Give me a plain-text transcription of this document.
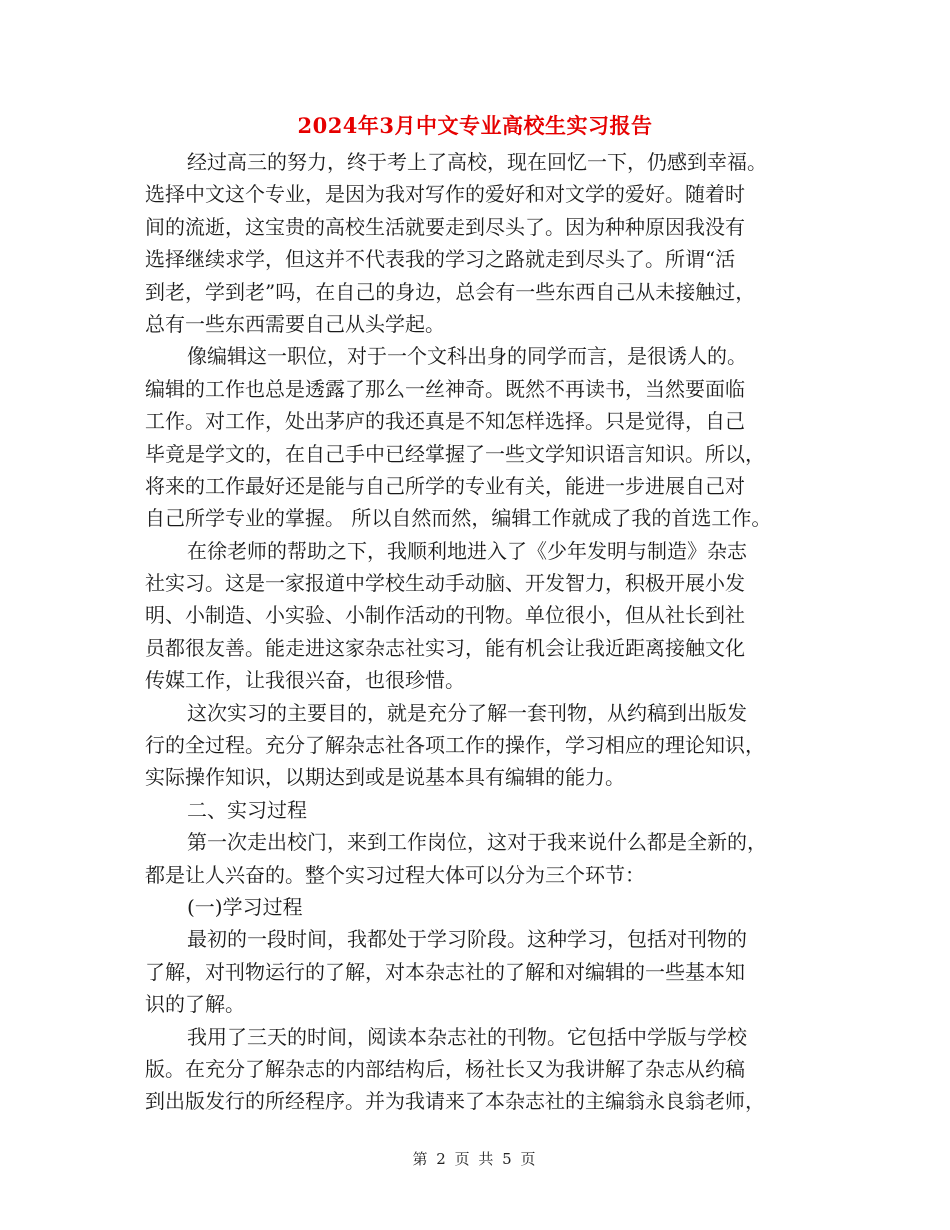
2024年3月中文专业高校生实习报告
经过高三的努力，终于考上了高校，现在回忆一下，仍感到幸福。
选择中文这个专业，是因为我对写作的爱好和对文学的爱好。随着时
间的流逝，这宝贵的高校生活就要走到尽头了。因为种种原因我没有
选择继续求学，但这并不代表我的学习之路就走到尽头了。所谓“活
到老，学到老”吗，在自己的身边，总会有一些东西自己从未接触过，
总有一些东西需要自己从头学起。
像编辑这一职位，对于一个文科出身的同学而言，是很诱人的。
编辑的工作也总是透露了那么一丝神奇。既然不再读书，当然要面临
工作。对工作，处出茅庐的我还真是不知怎样选择。只是觉得，自己
毕竟是学文的，在自己手中已经掌握了一些文学知识语言知识。所以，
将来的工作最好还是能与自己所学的专业有关，能进一步进展自己对
自己所学专业的掌握。 所以自然而然，编辑工作就成了我的首选工作。
在徐老师的帮助之下，我顺利地进入了《少年发明与制造》杂志
社实习。这是一家报道中学校生动手动脑、开发智力，积极开展小发
明、小制造、小实验、小制作活动的刊物。单位很小，但从社长到社
员都很友善。能走进这家杂志社实习，能有机会让我近距离接触文化
传媒工作，让我很兴奋，也很珍惜。
这次实习的主要目的，就是充分了解一套刊物，从约稿到出版发
行的全过程。充分了解杂志社各项工作的操作，学习相应的理论知识，
实际操作知识，以期达到或是说基本具有编辑的能力。
二、实习过程
第一次走出校门，来到工作岗位，这对于我来说什么都是全新的，
都是让人兴奋的。整个实习过程大体可以分为三个环节：
(一)学习过程
最初的一段时间，我都处于学习阶段。这种学习，包括对刊物的
了解，对刊物运行的了解，对本杂志社的了解和对编辑的一些基本知
识的了解。
我用了三天的时间，阅读本杂志社的刊物。它包括中学版与学校
版。在充分了解杂志的内部结构后，杨社长又为我讲解了杂志从约稿
到出版发行的所经程序。并为我请来了本杂志社的主编翁永良翁老师，
第 2 页 共 5 页
